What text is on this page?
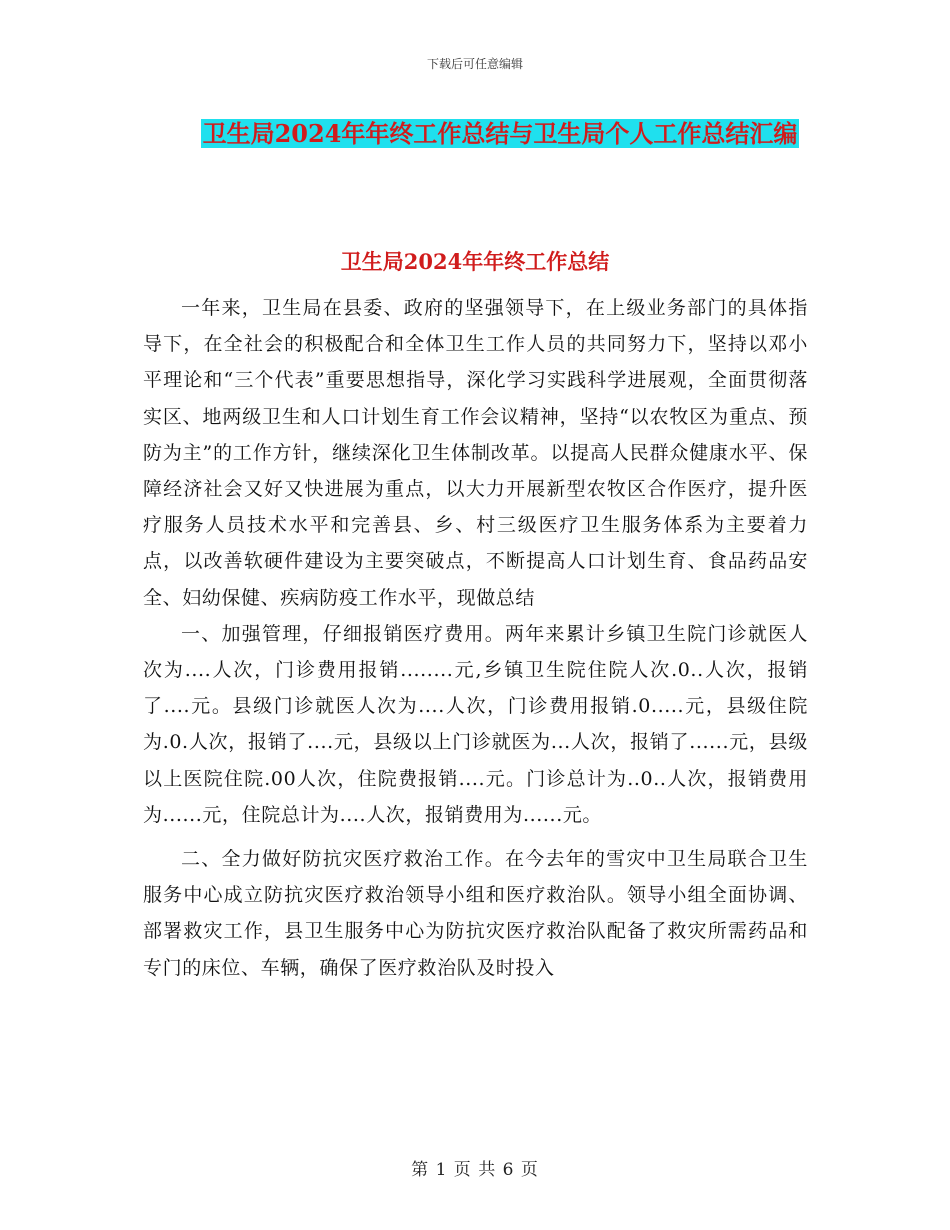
下载后可任意编辑
卫生局2024年年终工作总结与卫生局个人工作总结汇编
卫生局2024年年终工作总结

一年来，卫生局在县委、政府的坚强领导下，在上级业务部门的具体指导下，在全社会的积极配合和全体卫生工作人员的共同努力下，坚持以邓小平理论和“三个代表”重要思想指导，深化学习实践科学进展观，全面贯彻落实区、地两级卫生和人口计划生育工作会议精神，坚持“以农牧区为重点、预防为主”的工作方针，继续深化卫生体制改革。以提高人民群众健康水平、保障经济社会又好又快进展为重点，以大力开展新型农牧区合作医疗，提升医疗服务人员技术水平和完善县、乡、村三级医疗卫生服务体系为主要着力点，以改善软硬件建设为主要突破点，不断提高人口计划生育、食品药品安全、妇幼保健、疾病防疫工作水平，现做总结

一、加强管理，仔细报销医疗费用。两年来累计乡镇卫生院门诊就医人次为....人次，门诊费用报销........元,乡镇卫生院住院人次.0..人次，报销了....元。县级门诊就医人次为....人次，门诊费用报销.0.....元，县级住院为.0.人次，报销了....元，县级以上门诊就医为...人次，报销了......元，县级以上医院住院.00人次，住院费报销....元。门诊总计为..0..人次，报销费用为......元，住院总计为....人次，报销费用为......元。

二、全力做好防抗灾医疗救治工作。在今去年的雪灾中卫生局联合卫生服务中心成立防抗灾医疗救治领导小组和医疗救治队。领导小组全面协调、部署救灾工作，县卫生服务中心为防抗灾医疗救治队配备了救灾所需药品和专门的床位、车辆，确保了医疗救治队及时投入

第 1 页 共 6 页
